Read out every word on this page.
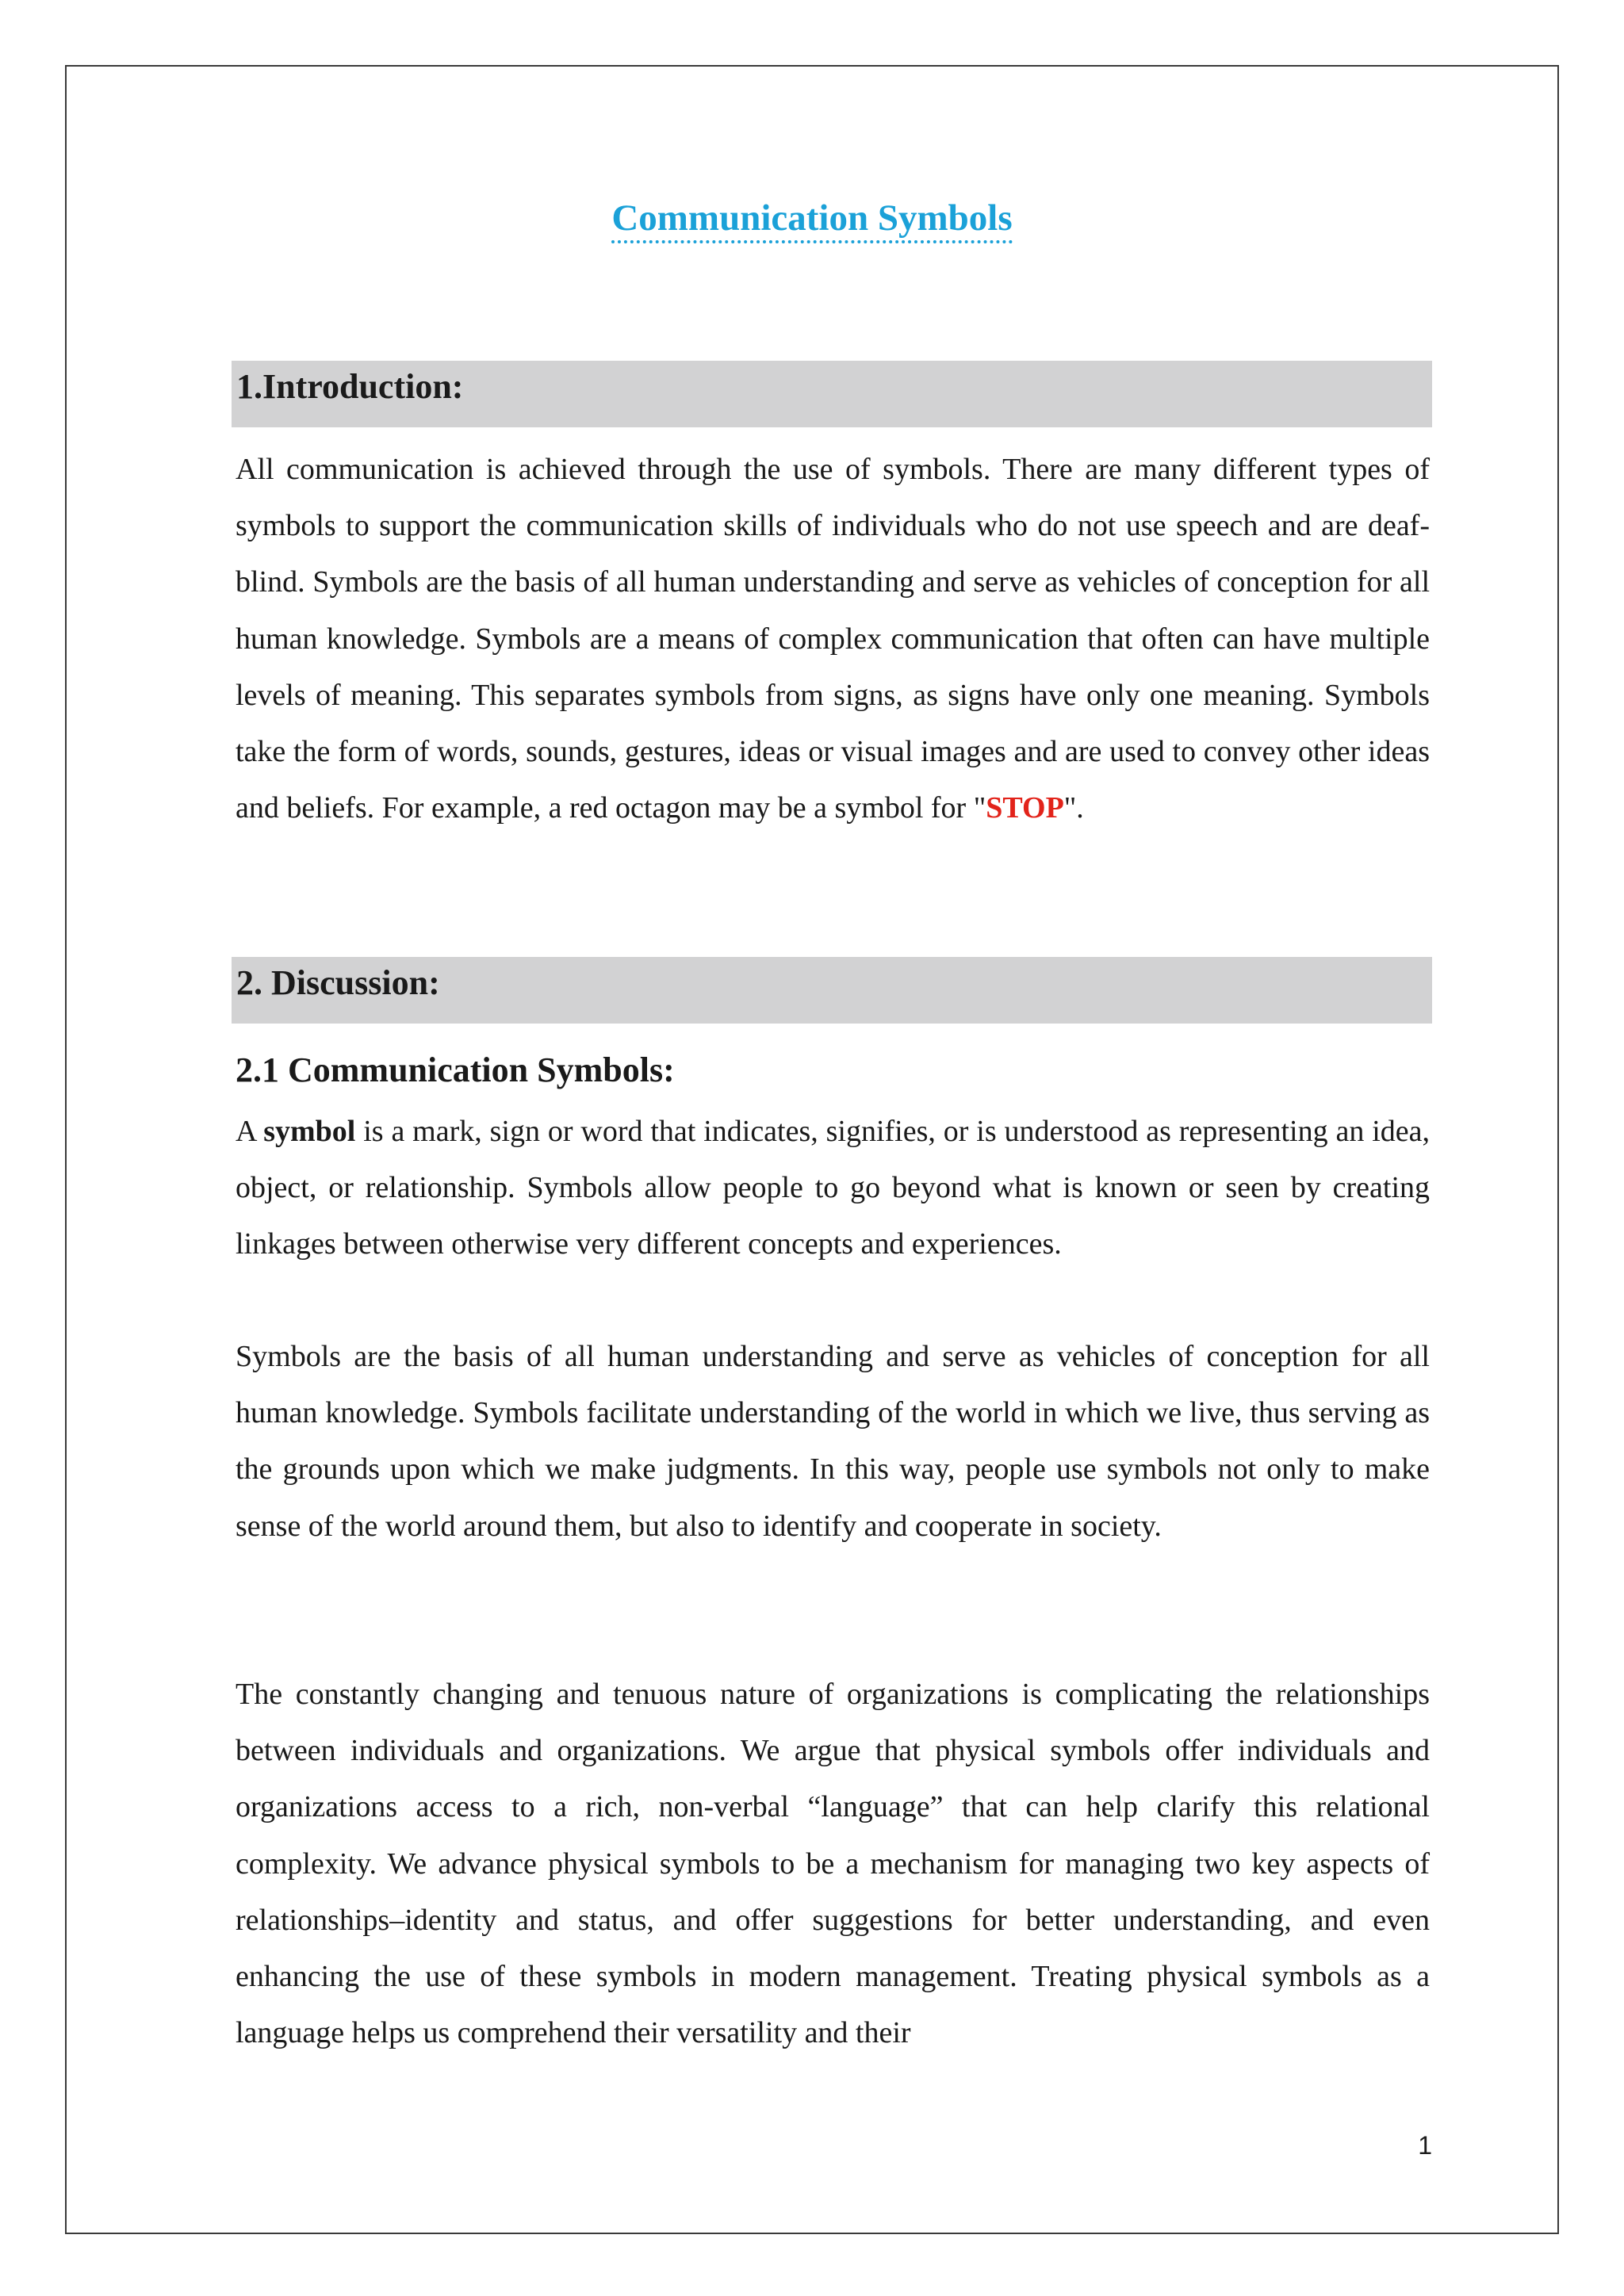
Communication Symbols
1.Introduction:

All communication is achieved through the use of symbols. There are many different types of symbols to support the communication skills of individuals who do not use speech and are deaf-blind. Symbols are the basis of all human understanding and serve as vehicles of conception for all human knowledge. Symbols are a means of complex communication that often can have multiple levels of meaning. This separates symbols from signs, as signs have only one meaning. Symbols take the form of words, sounds, gestures, ideas or visual images and are used to convey other ideas and beliefs. For example, a red octagon may be a symbol for "STOP".

2. Discussion:
2.1 Communication Symbols:

A symbol is a mark, sign or word that indicates, signifies, or is understood as representing an idea, object, or relationship. Symbols allow people to go beyond what is known or seen by creating linkages between otherwise very different concepts and experiences.

Symbols are the basis of all human understanding and serve as vehicles of conception for all human knowledge. Symbols facilitate understanding of the world in which we live, thus serving as the grounds upon which we make judgments. In this way, people use symbols not only to make sense of the world around them, but also to identify and cooperate in society.

The constantly changing and tenuous nature of organizations is complicating the relationships between individuals and organizations. We argue that physical symbols offer individuals and organizations access to a rich, non-verbal “language” that can help clarify this relational complexity. We advance physical symbols to be a mechanism for managing two key aspects of relationships–identity and status, and offer suggestions for better understanding, and even enhancing the use of these symbols in modern management. Treating physical symbols as a language helps us comprehend their versatility and their

1
